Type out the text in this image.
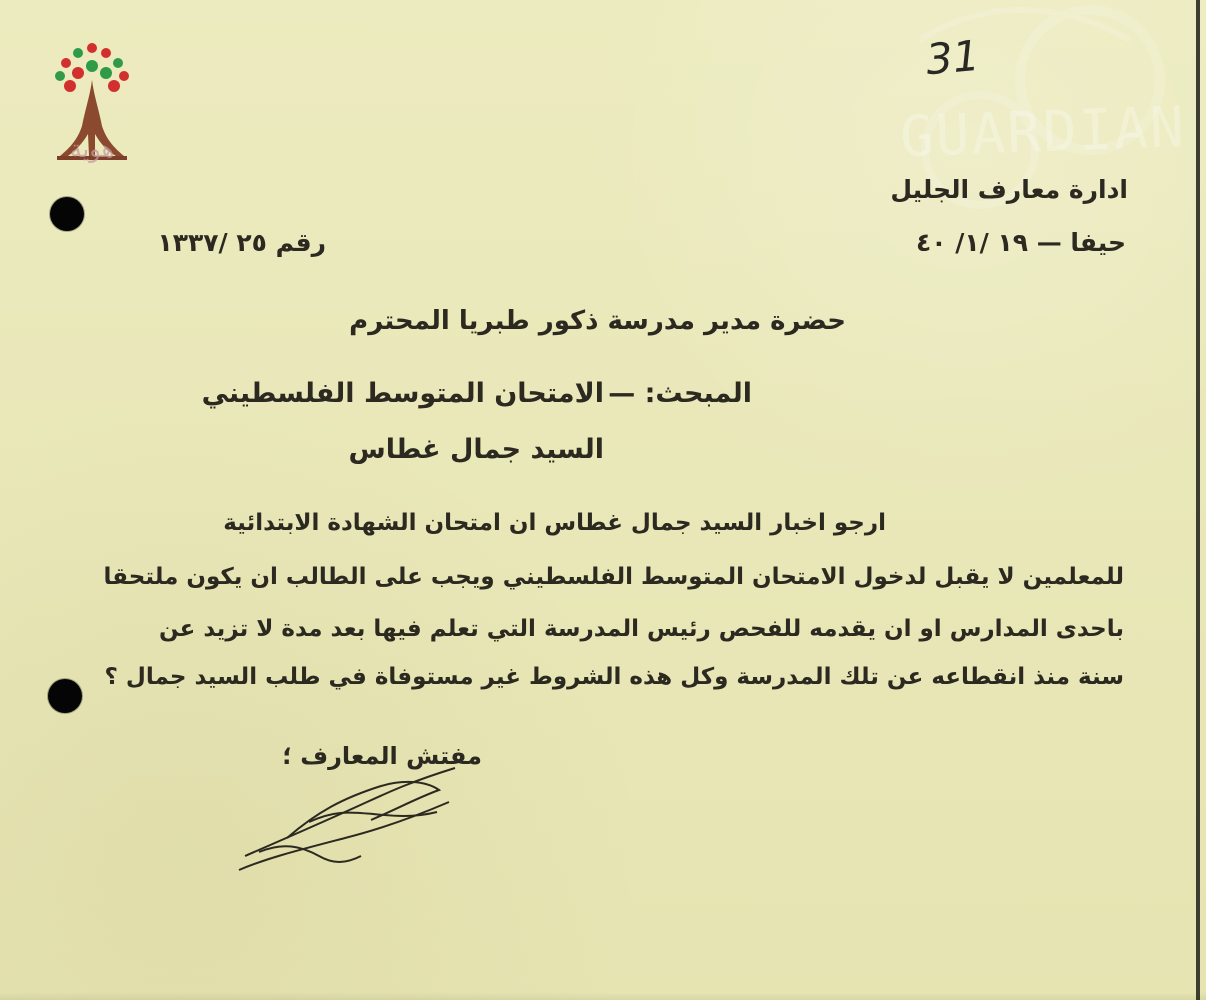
GUARDIAN
هوية
31
ادارة معارف الجليل
حيفا — ١٩ /١/ ٤٠
رقم ٢٥ /١٣٣٧
حضرة مدير مدرسة ذكور طبريا المحترم
المبحث: —
الامتحان المتوسط الفلسطيني
السيد جمال غطاس
ارجو اخبار السيد جمال غطاس ان امتحان الشهادة الابتدائية
للمعلمين لا يقبل لدخول الامتحان المتوسط الفلسطيني ويجب على الطالب ان يكون ملتحقا
باحدى المدارس او ان يقدمه للفحص رئيس المدرسة التي تعلم فيها بعد مدة لا تزيد عن
سنة منذ انقطاعه عن تلك المدرسة وكل هذه الشروط غير مستوفاة في طلب السيد جمال ؟
مفتش المعارف ؛
